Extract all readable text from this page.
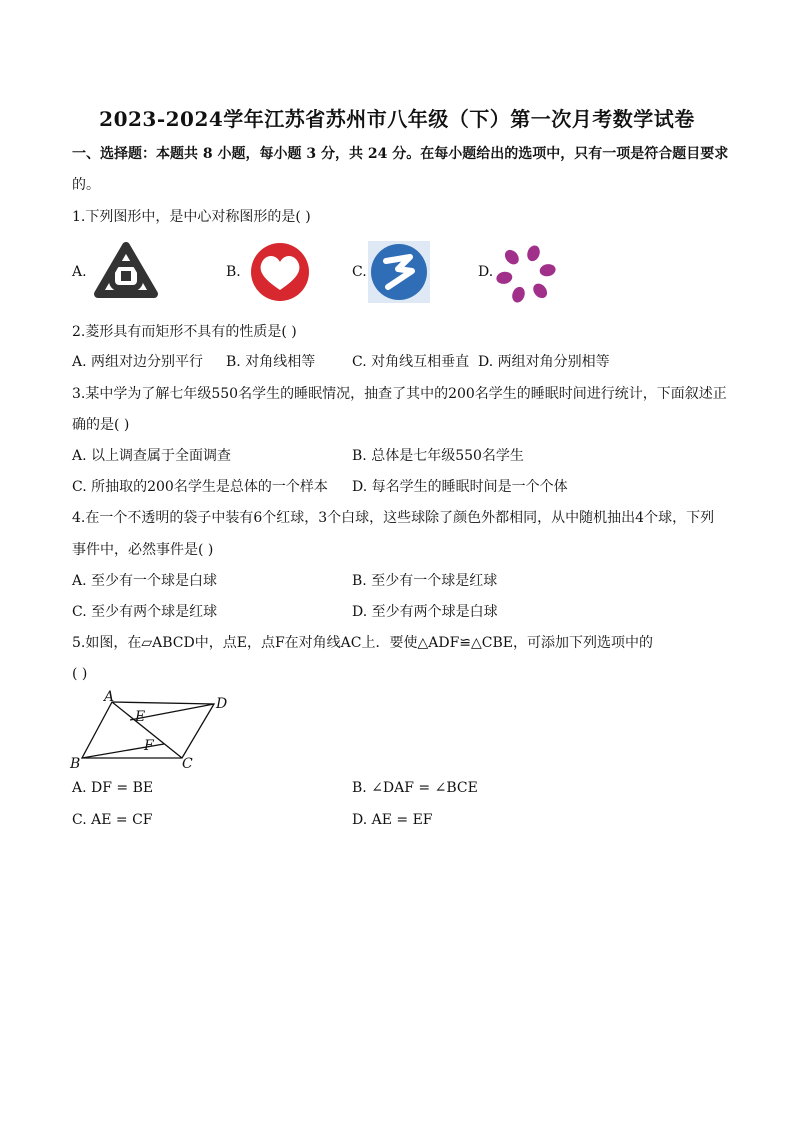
2023-2024学年江苏省苏州市八年级（下）第一次月考数学试卷
一、选择题：本题共 8 小题，每小题 3 分，共 24 分。在每小题给出的选项中，只有一项是符合题目要求
的。
1.下列图形中，是中心对称图形的是( )
A.	B.	C.	D.
2.菱形具有而矩形不具有的性质是( )
A. 两组对边分别平行 B. 对角线相等	C. 对角线互相垂直 D. 两组对角分别相等
3.某中学为了解七年级550名学生的睡眠情况，抽查了其中的200名学生的睡眠时间进行统计，下面叙述正
确的是( )
A. 以上调查属于全面调查	B. 总体是七年级550名学生
C. 所抽取的200名学生是总体的一个样本 D. 每名学生的睡眠时间是一个个体
4.在一个不透明的袋子中装有6个红球，3个白球，这些球除了颜色外都相同，从中随机抽出4个球，下列
事件中，必然事件是( )
A. 至少有一个球是白球	B. 至少有一个球是红球
C. 至少有两个球是红球	D. 至少有两个球是白球
5.如图，在▱ABCD中，点E，点F在对角线AC上．要使△ADF≌△CBE，可添加下列选项中的
( )
A	D
B	C
E
F
A. DF = BE	B. ∠DAF = ∠BCE
C. AE = CF	D. AE = EF
